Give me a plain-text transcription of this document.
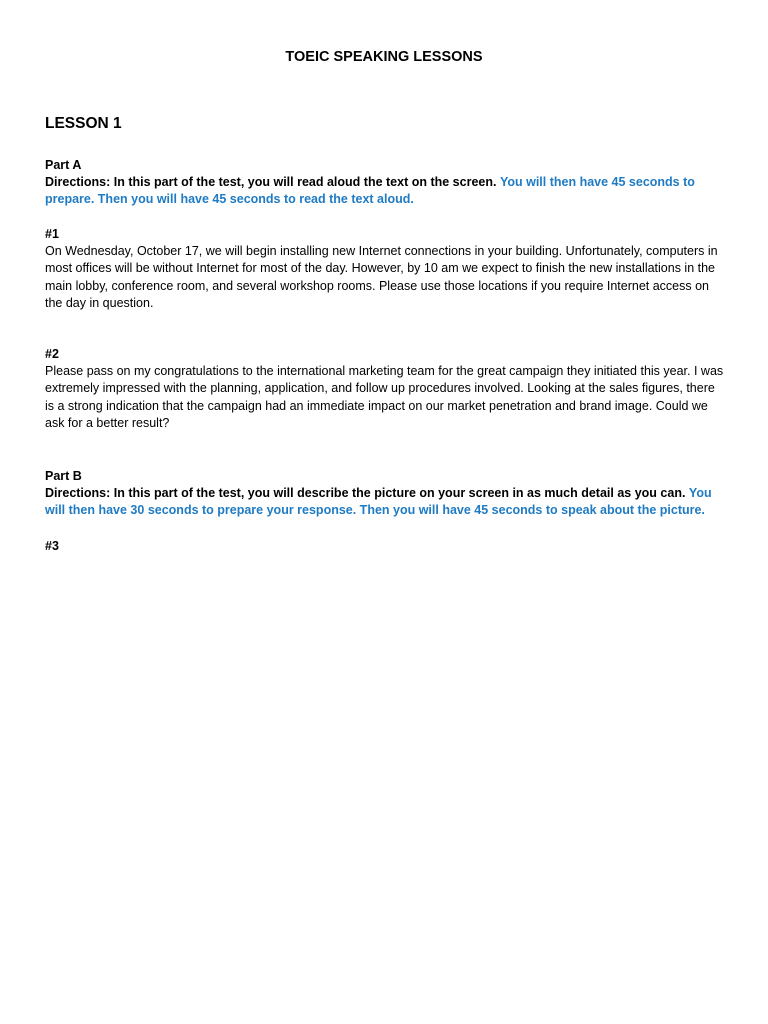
TOEIC SPEAKING LESSONS
LESSON 1

Part A

Directions: In this part of the test, you will read aloud the text on the screen. You will then have 45 seconds to prepare. Then you will have 45 seconds to read the text aloud.

#1

On Wednesday, October 17, we will begin installing new Internet connections in your building. Unfortunately, computers in most offices will be without Internet for most of the day. However, by 10 am we expect to finish the new installations in the main lobby, conference room, and several workshop rooms. Please use those locations if you require Internet access on the day in question.

#2

Please pass on my congratulations to the international marketing team for the great campaign they initiated this year. I was extremely impressed with the planning, application, and follow up procedures involved. Looking at the sales figures, there is a strong indication that the campaign had an immediate impact on our market penetration and brand image. Could we ask for a better result?

Part B

Directions: In this part of the test, you will describe the picture on your screen in as much detail as you can. You will then have 30 seconds to prepare your response. Then you will have 45 seconds to speak about the picture.

#3
